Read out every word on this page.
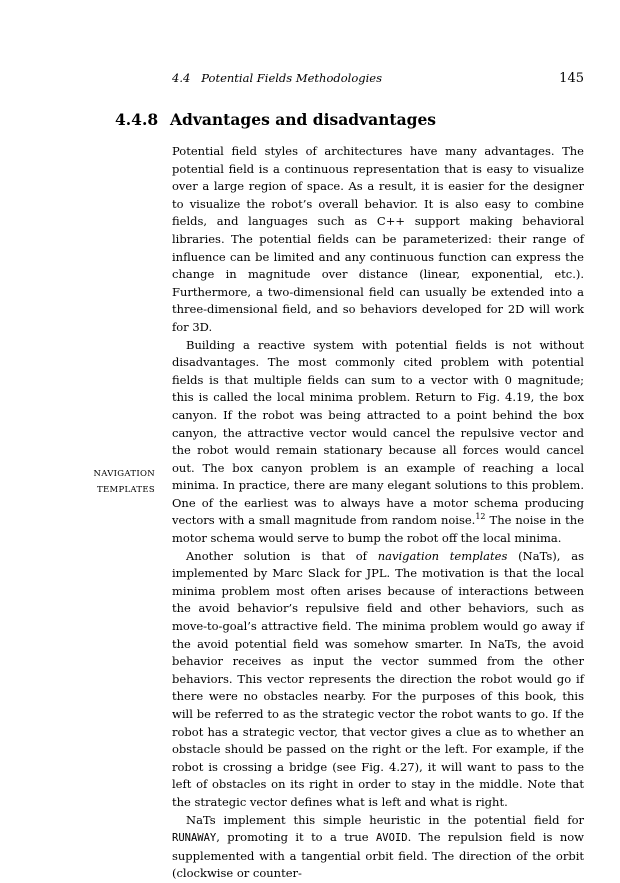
4.4 Potential Fields Methodologies	145
4.4.8 Advantages and disadvantages
NAVIGATION
TEMPLATES

Potential field styles of architectures have many advantages. The potential field is a continuous representation that is easy to visualize over a large region of space. As a result, it is easier for the designer to visualize the robot’s overall behavior. It is also easy to combine fields, and languages such as C++ support making behavioral libraries. The potential fields can be parameterized: their range of influence can be limited and any continuous function can express the change in magnitude over distance (linear, exponential, etc.). Furthermore, a two-dimensional field can usually be extended into a three-dimensional field, and so behaviors developed for 2D will work for 3D.

Building a reactive system with potential fields is not without disadvantages. The most commonly cited problem with potential fields is that multiple fields can sum to a vector with 0 magnitude; this is called the local minima problem. Return to Fig. 4.19, the box canyon. If the robot was being attracted to a point behind the box canyon, the attractive vector would cancel the repulsive vector and the robot would remain stationary because all forces would cancel out. The box canyon problem is an example of reaching a local minima. In practice, there are many elegant solutions to this problem. One of the earliest was to always have a motor schema producing vectors with a small magnitude from random noise.$^{12}$ The noise in the motor schema would serve to bump the robot off the local minima.

Another solution is that of navigation templates (NaTs), as implemented by Marc Slack for JPL. The motivation is that the local minima problem most often arises because of interactions between the avoid behavior’s repulsive field and other behaviors, such as move-to-goal’s attractive field. The minima problem would go away if the avoid potential field was somehow smarter. In NaTs, the avoid behavior receives as input the vector summed from the other behaviors. This vector represents the direction the robot would go if there were no obstacles nearby. For the purposes of this book, this will be referred to as the strategic vector the robot wants to go. If the robot has a strategic vector, that vector gives a clue as to whether an obstacle should be passed on the right or the left. For example, if the robot is crossing a bridge (see Fig. 4.27), it will want to pass to the left of obstacles on its right in order to stay in the middle. Note that the strategic vector defines what is left and what is right.

NaTs implement this simple heuristic in the potential field for RUNAWAY, promoting it to a true AVOID. The repulsion field is now supplemented with a tangential orbit field. The direction of the orbit (clockwise or counter-
